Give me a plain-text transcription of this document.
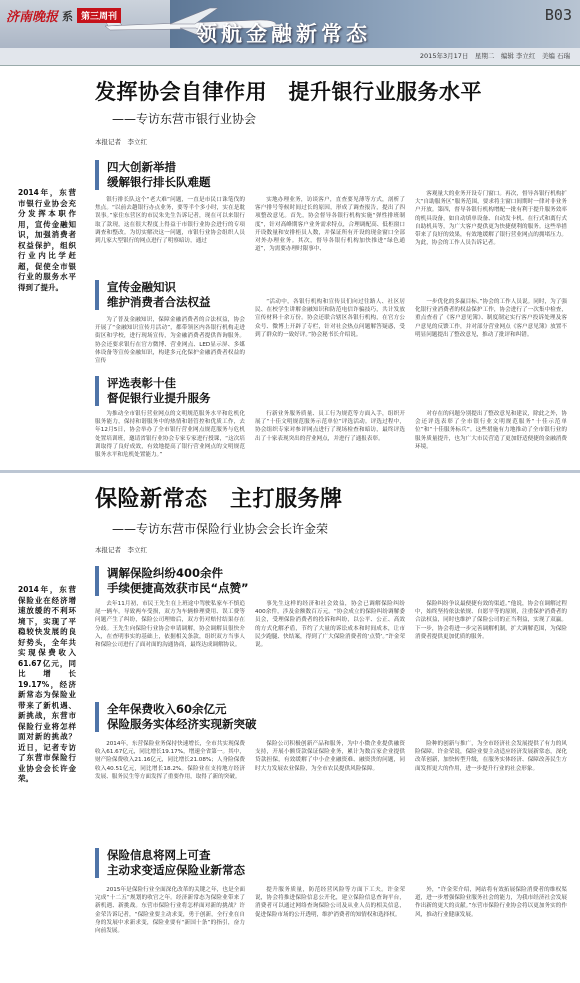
济南晚报 系 第三周刊	B03
领航金融新常态
2015年3月17日　星期二　编辑 李立红　美编 石瑞
发挥协会自律作用　提升银行业服务水平
——专访东营市银行业协会
本报记者　李立红
2014年，东营市银行业协会充分发挥本职作用，宣传金融知识，加强消费者权益保护，组织行业内比学赶超，促使全市银行业的服务水平得到了提升。
四大创新举措
缓解银行排长队难题

银行排长队这个“老大难”问题，一直是市民口诛笔伐的焦点。“以前去趟银行办点业务，要等半个多小时，实在是耽误事。”家住东营区的市民朱先生告诉记者，现在可以来银行取了款现，这在很大程度上得益于市银行业协会进行的专项调查和整改。为切实解决这一问题，市银行业协会组织人员到几家大型银行的网点进行了明察暗访，通过

实地办理业务，访谈客户，直查要见薄等方式，剖析了客户排号等候时间过长的原因，形成了调查报告，提出了四项整改意见。首先，协会督导各银行机构实施“弹性排班制度”，针对高峰期客户业务需求特点，合理调配高、低柜窗口开设数量和安排柜员人数，并保证所有开设的现金窗口全部对外办理业务。其次，督导各银行机构加快推进“绿色通道”，为需要办理时限事中、

客观量大的业务开设专门窗口。再次，督导各银行机构扩大“自助服务区”服务范围，要求将主窗口间期时一律对非业务户开放。第四，督导各银行机构增配一批有利于提升服务效率的机具设备，如自动填单设备、自动发卡机、在行式和离行式自助机具等，为广大客户提供更为快捷便利的服务。这些举措带来了良好的效果，有效地缓解了银行营业网点的拥堵压力。为此，协会的工作人员告诉记者。

宣传金融知识
维护消费者合法权益

为了普及金融知识，保障金融消费者的合法权益，协会开展了“金融知识宣传月活动”，都带领区内各银行机构走进街区和学校，进行现场宣传，为金融消费者提供咨询服务。协会还要求银行在官方微博、营业网点、LED显示屏、多媒体设备等宣传金融知识，构建多元化保护金融消费者权益的宣传

“活动中，各银行机构和宣传员们向过往路人、社区居民、在校学生讲解金融知识和防范电信诈骗技巧，共计发放宣传材料十余万份。协会还联合辖区各银行机构，在官方公众号、微博上开辟了专栏，针对社会热点问题解答疑惑，受到了群众的一致好评。”协会秘书长介绍说。

一步优化的多赢目标。”协会的工作人员说。同时，为了强化银行业消费者的权益保护工作，协会进行了一次集中检查，重点查看了《客户意见簿》、制度制定实行客户投诉处理及客户意见的反馈工作，并对部分营业网点《客户意见簿》放置不明显问题提出了整改意见，推动了批评和纠错。

评选表彰十佳
督促银行业提升服务

为推动全市银行营业网点的文明规范服务水平和危机化服务能力，保持和谐服务中的热情和谐管控和优质工作，去年12月5日，协会举办了全市银行营业网点规范服务与危机处置培训班，邀请省银行业协会专家专家进行授课，“这次培训取得了良好成效，有效地提高了银行营业网点的文明规范服务水平和危机处置能力。”

行新业务服务质量、员工行为规范等方面入手，组织开展了“十佳文明规范服务示范单位”评选活动。评选过程中，协会组织专家对参评网点进行了现场检查和暗访，最终评选出了十家表现突出的营业网点，并进行了通报表彰。

对存在的问题分别提出了整改意见和建议，除此之外，协会还评选表彰了全市银行业文明规范服务“十佳示范单位”和“十佳服务标兵”。这些措施有力地推动了全市银行业的服务质量提升，也为广大市民营造了更加舒适便捷的金融消费环境。

保险新常态　主打服务牌
——专访东营市保险行业协会会长许金荣
本报记者　李立红
2014年，东营保险业在经济增速放缓的不利环境下，实现了平稳较快发展的良好势头，全年共实现保费收入61.67亿元，同比增长19.17%，经济新常态为保险业带来了新机遇、新挑战，东营市保险行业将怎样面对新的挑战？近日，记者专访了东营市保险行业协会会长许金荣。
调解保险纠纷400余件
手续便捷高效获市民“点赞”

去年11月初，市民王先生在上班途中驾驶私家车不慎追尾一辆车，导致两车受损，双方为车辆修理费用、误工费等问题产生了纠纷，保险公司理赔后，双方仍对赔付结果存在分歧。王先生向保险行业协会申请调解，协会调解员很快介入，在查明事实的基础上，依据相关条款，组织双方当事人和保险公司进行了面对面的沟通协商，最终达成调解协议。

事先生这样的经济和社会效益，协会已调解保险纠纷400余件，涉及金额数百万元。“协会成立的保险纠纷调解委员会，受理保险消费者的投诉和纠纷，以公平、公正、高效的方式化解矛盾，节约了大量的诉讼成本和时间成本，让市民少跑腿、快结案，得到了广大保险消费者的‘点赞’。”许金荣说。

保险纠纷争议最便捷有效的渠道。”他说，协会在调解过程中，始终坚持依法依规、自愿平等的原则，注重保护消费者的合法权益，同时也维护了保险公司的正当利益，实现了双赢。下一步，协会将进一步完善调解机制，扩大调解范围，为保险消费者提供更加优质的服务。

全年保费收入60余亿元
保险服务实体经济实现新突破

2014年，东营保险业务保持快速增长，全市共实现保费收入61.67亿元，同比增长19.17%，增速全省第一。其中，财产险保费收入21.16亿元，同比增长21.08%；人身险保费收入40.51亿元，同比增长18.2%。保险业在支持地方经济发展、服务民生等方面发挥了重要作用，取得了新的突破。

保险公司积极创新产品和服务，为中小微企业提供融资支持，开展小额贷款保证保险业务，累计为数百家企业提供贷款担保，有效缓解了中小企业融资难、融资贵的问题，同时大力发展农业保险，为全市农民提供风险保障。

险种的创新与推广，为全市经济社会发展提供了有力的风险保障。许金荣说，保险业要主动适应经济发展新常态，深化改革创新，加快转型升级，在服务实体经济、保障改善民生方面发挥更大的作用，进一步提升行业的社会形象。

保险信息将网上可查
主动求变适应保险业新常态

2015年是保险行业全面深化改革的关键之年，也是全面完成“十二五”规划的收官之年。经济新常态为保险业带来了新机遇、新挑战。东营市保险行业将怎样面对新的挑战？许金荣告诉记者，“保险业要主动求变，勇于创新，全行业在自身的发展中求新求变，保险业要有“新国十条”的指引，奋力向前发展。

提升服务质量，防范经营风险等方面下工夫。许金荣说，协会将推进保险信息公开化，建立保险信息查询平台，消费者可以通过网络查询保险公司及从业人员的相关信息，促进保险市场的公开透明，维护消费者的知情权和选择权。

外，“许金荣介绍，网站将有效拓展保险消费者的维权渠道，进一步增强保险业服务社会的能力，为我市经济社会发展作出新的更大的贡献。”东营市保险行业协会将以更加务实的作风，推动行业健康发展。
